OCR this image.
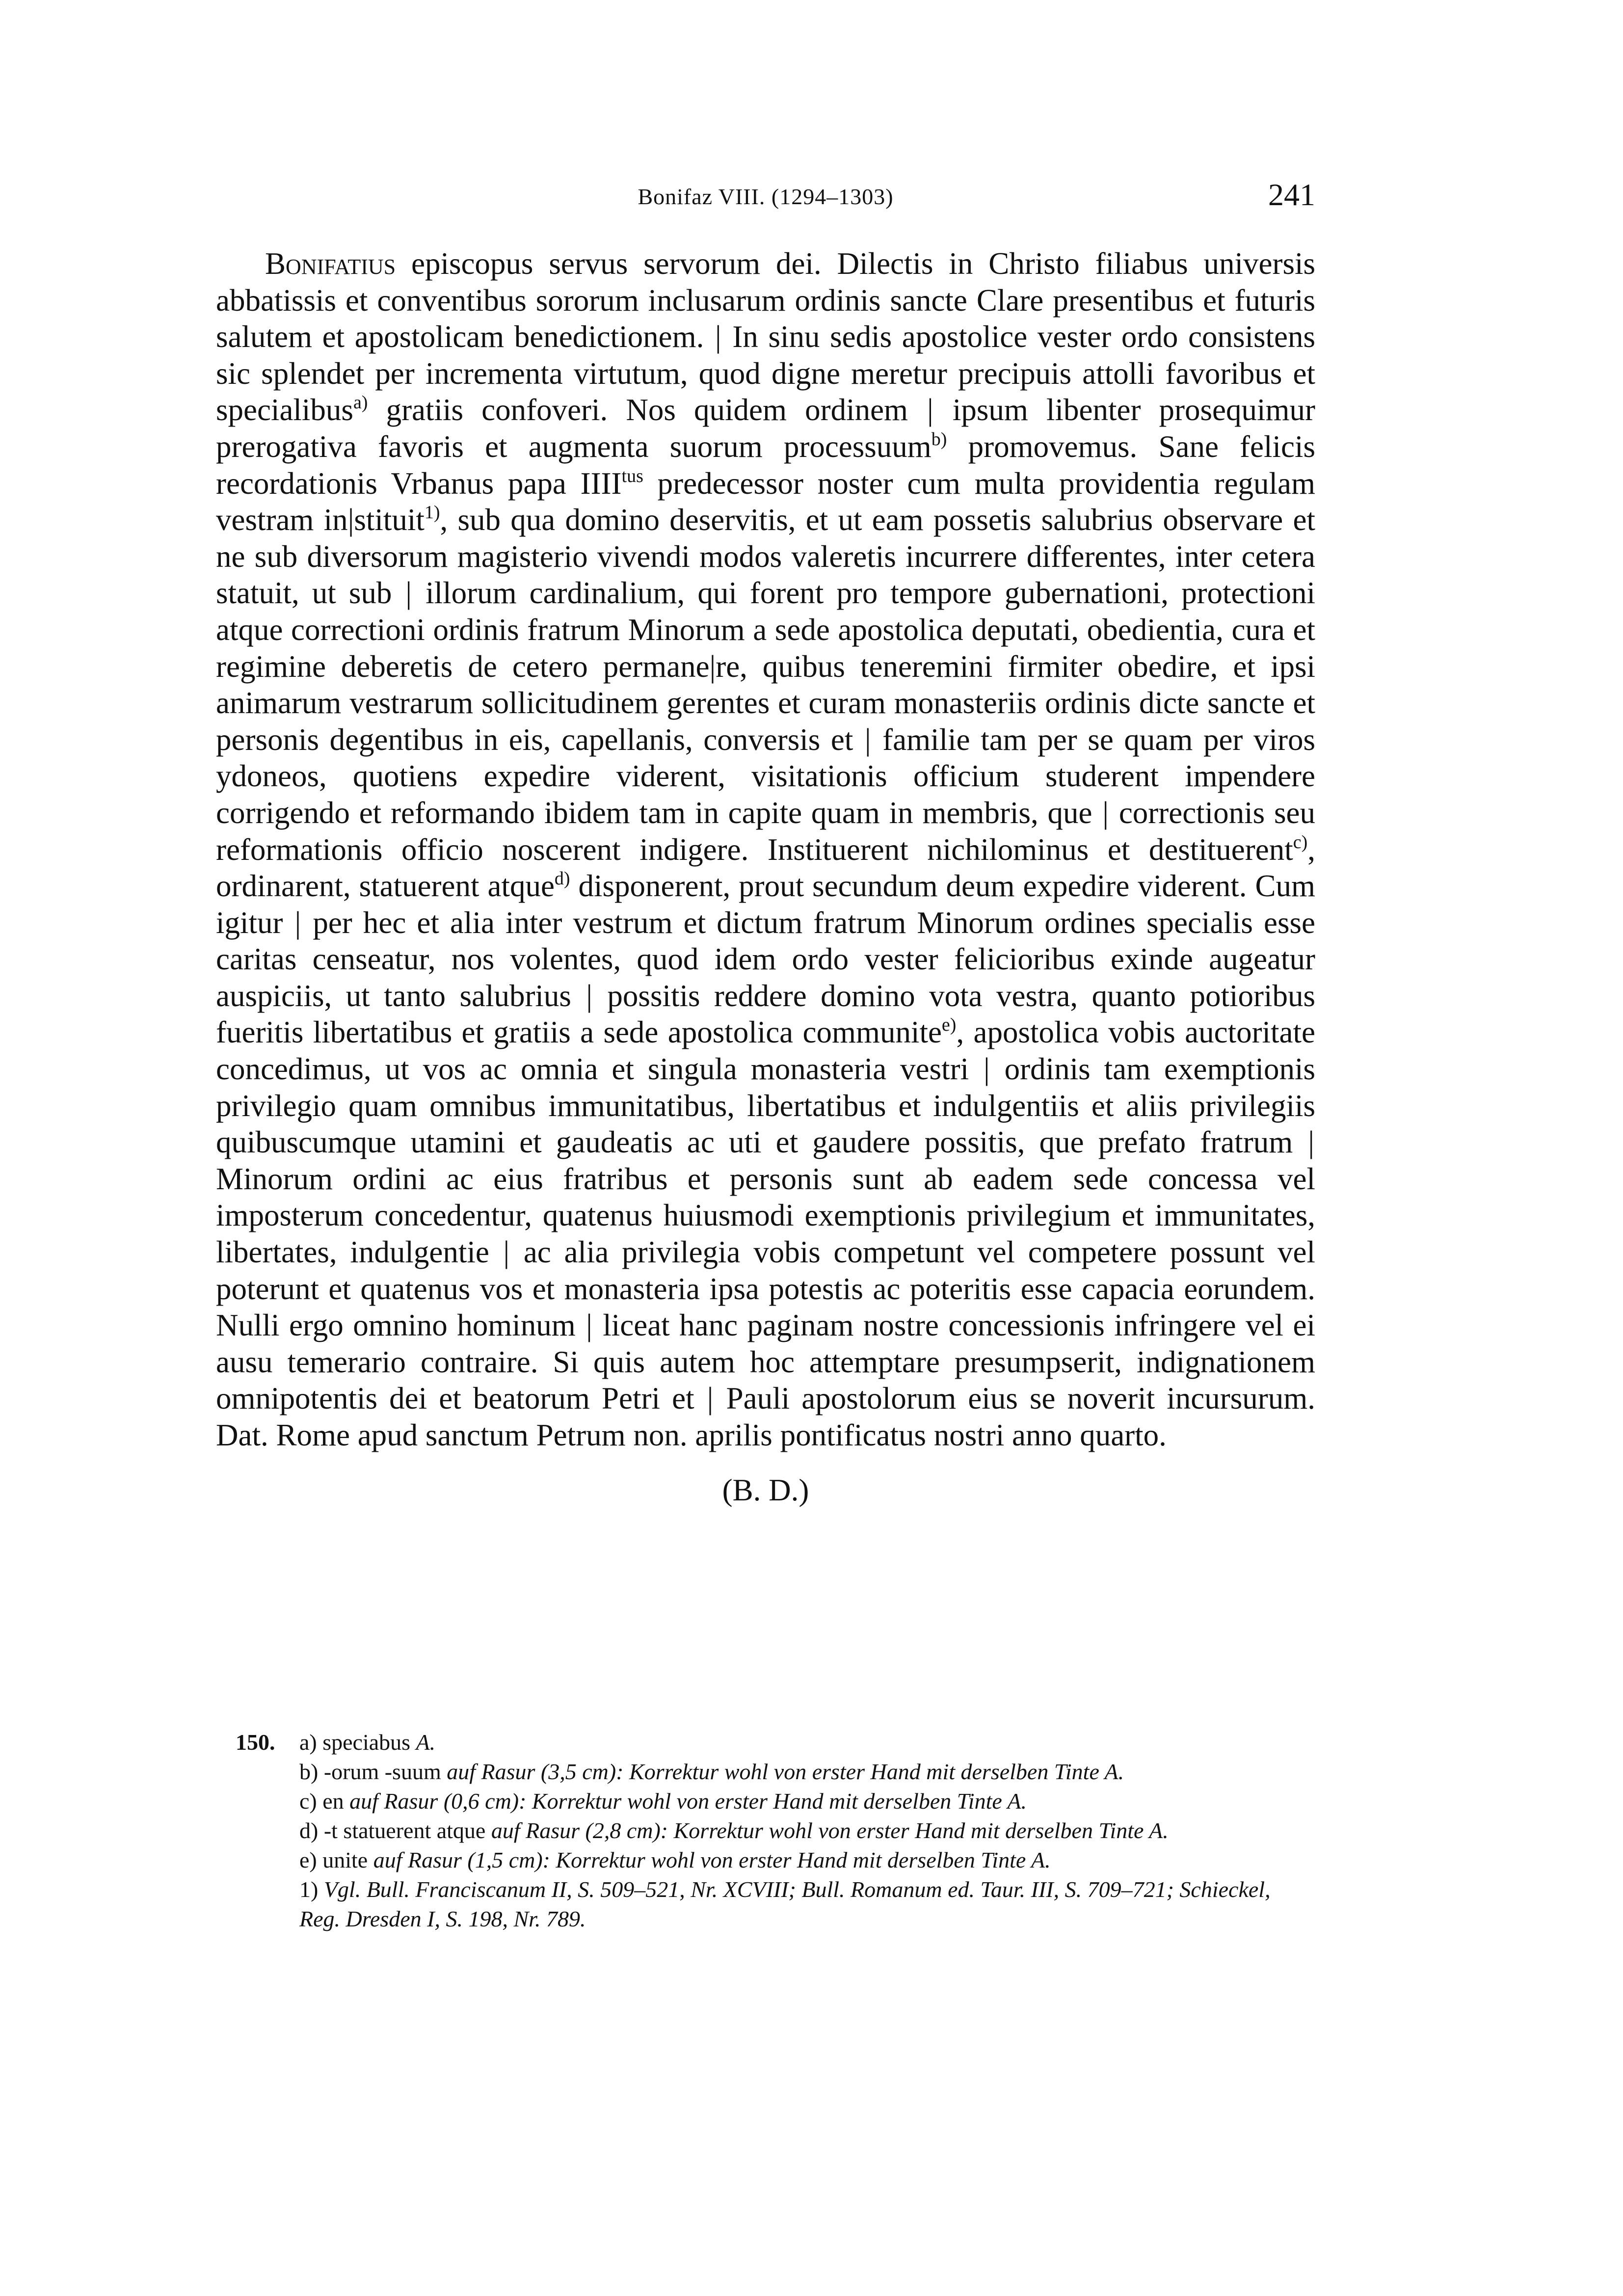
Bonifaz VIII. (1294–1303)	241

Bonifatius episcopus servus servorum dei. Dilectis in Christo filiabus universis abbatissis et conventibus sororum inclusarum ordinis sancte Clare presentibus et futuris salutem et apostolicam benedictionem. | In sinu sedis apostolice vester ordo consistens sic splendet per incrementa virtutum, quod digne meretur precipuis attolli favoribus et specialibus$^{a)}$ gratiis confoveri. Nos quidem ordinem | ipsum libenter prosequimur prerogativa favoris et augmenta suorum processuum$^{b)}$ promovemus. Sane felicis recordationis Vrbanus papa $IIII^{tus}$ predecessor noster cum multa providentia regulam vestram in|stituit$^{1)}$, sub qua domino deservitis, et ut eam possetis salubrius observare et ne sub diversorum magisterio vivendi modos valeretis incurrere differentes, inter cetera statuit, ut sub | illorum cardinalium, qui forent pro tempore gubernationi, protectioni atque correctioni ordinis fratrum Minorum a sede apostolica deputati, obedientia, cura et regimine deberetis de cetero permane|re, quibus teneremini firmiter obedire, et ipsi animarum vestrarum sollicitudinem gerentes et curam monasteriis ordinis dicte sancte et personis degentibus in eis, capellanis, conversis et | familie tam per se quam per viros ydoneos, quotiens expedire viderent, visitationis officium studerent impendere corrigendo et reformando ibidem tam in capite quam in membris, que | correctionis seu reformationis officio noscerent indigere. Instituerent nichilominus et destituerent$^{c)}$, ordinarent, statuerent atque$^{d)}$ disponerent, prout secundum deum expedire viderent. Cum igitur | per hec et alia inter vestrum et dictum fratrum Minorum ordines specialis esse caritas censeatur, nos volentes, quod idem ordo vester felicioribus exinde augeatur auspiciis, ut tanto salubrius | possitis reddere domino vota vestra, quanto potioribus fueritis libertatibus et gratiis a sede apostolica communite$^{e)}$, apostolica vobis auctoritate concedimus, ut vos ac omnia et singula monasteria vestri | ordinis tam exemptionis privilegio quam omnibus immunitatibus, libertatibus et indulgentiis et aliis privilegiis quibuscumque utamini et gaudeatis ac uti et gaudere possitis, que prefato fratrum | Minorum ordini ac eius fratribus et personis sunt ab eadem sede concessa vel imposterum concedentur, quatenus huiusmodi exemptionis privilegium et immunitates, libertates, indulgentie | ac alia privilegia vobis competunt vel competere possunt vel poterunt et quatenus vos et monasteria ipsa potestis ac poteritis esse capacia eorundem. Nulli ergo omnino hominum | liceat hanc paginam nostre concessionis infringere vel ei ausu temerario contraire. Si quis autem hoc attemptare presumpserit, indignationem omnipotentis dei et beatorum Petri et | Pauli apostolorum eius se noverit incursurum. Dat. Rome apud sanctum Petrum non. aprilis pontificatus nostri anno quarto.

(B. D.)
150. a) speciabus A.
b) -orum -suum auf Rasur (3,5 cm): Korrektur wohl von erster Hand mit derselben Tinte A.
c) en auf Rasur (0,6 cm): Korrektur wohl von erster Hand mit derselben Tinte A.
d) -t statuerent atque auf Rasur (2,8 cm): Korrektur wohl von erster Hand mit derselben Tinte A.
e) unite auf Rasur (1,5 cm): Korrektur wohl von erster Hand mit derselben Tinte A.
1) Vgl. Bull. Franciscanum II, S. 509–521, Nr. XCVIII; Bull. Romanum ed. Taur. III, S. 709–721; Schieckel, Reg. Dresden I, S. 198, Nr. 789.
